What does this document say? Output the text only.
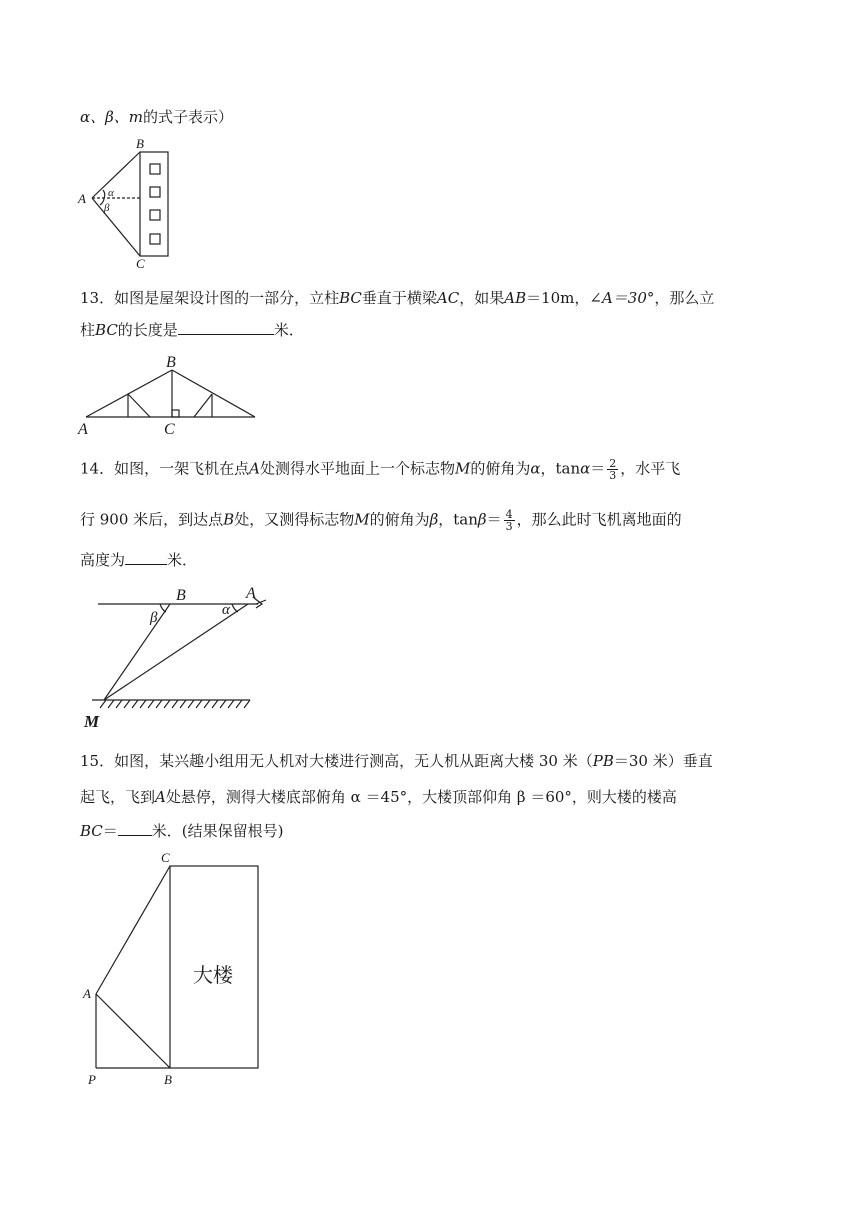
α、β、m的式子表示）
B
A
C
α
β
13．如图是屋架设计图的一部分，立柱BC垂直于横梁AC，如果AB＝10m，∠A＝30°，那么立
柱BC的长度是	米．
B
A	C
14．如图，一架飞机在点A处测得水平地面上一个标志物M的俯角为α，$\tan\alpha= \frac{2}{3}$ ，水平飞
行 900 米后，到达点B处，又测得标志物M的俯角为β，$\tan\beta= \frac{4}{3}$ ，那么此时飞机离地面的
高度为	米．
B	A
β	α
M
15．如图，某兴趣小组用无人机对大楼进行测高，无人机从距离大楼 30 米（PB＝30 米）垂直
起飞，飞到A处悬停，测得大楼底部俯角 α ＝45°，大楼顶部仰角 β ＝60°，则大楼的楼高
BC＝ 米．(结果保留根号)
C
A
P	B
大楼
